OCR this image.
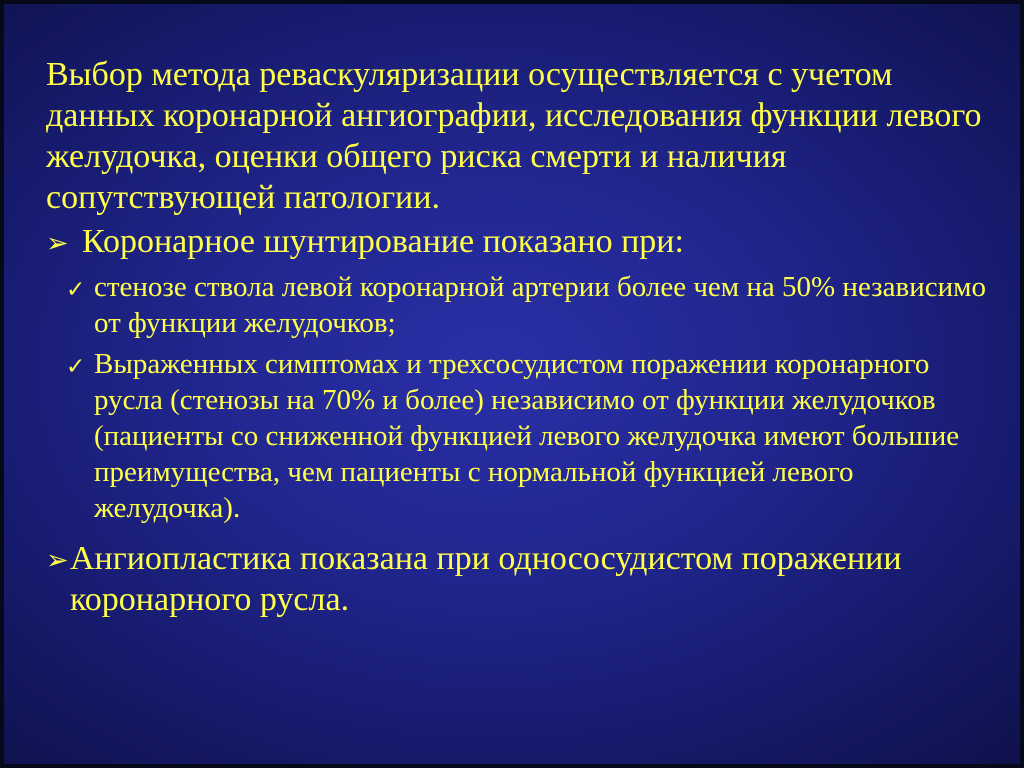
Выбор метода реваскуляризации осуществляется с учетом данных коронарной ангиографии, исследования функции левого желудочка, оценки общего риска смерти и наличия сопутствующей патологии.

➢ Коронарное шунтирование показано при:
✓ стенозе ствола левой коронарной артерии более чем на 50% независимо от функции желудочков;
✓ Выраженных симптомах и трехсосудистом поражении коронарного русла (стенозы на 70% и более) независимо от функции желудочков (пациенты со сниженной функцией левого желудочка имеют большие преимущества, чем пациенты с нормальной функцией левого желудочка).
➢ Ангиопластика показана при однососудистом поражении коронарного русла.
